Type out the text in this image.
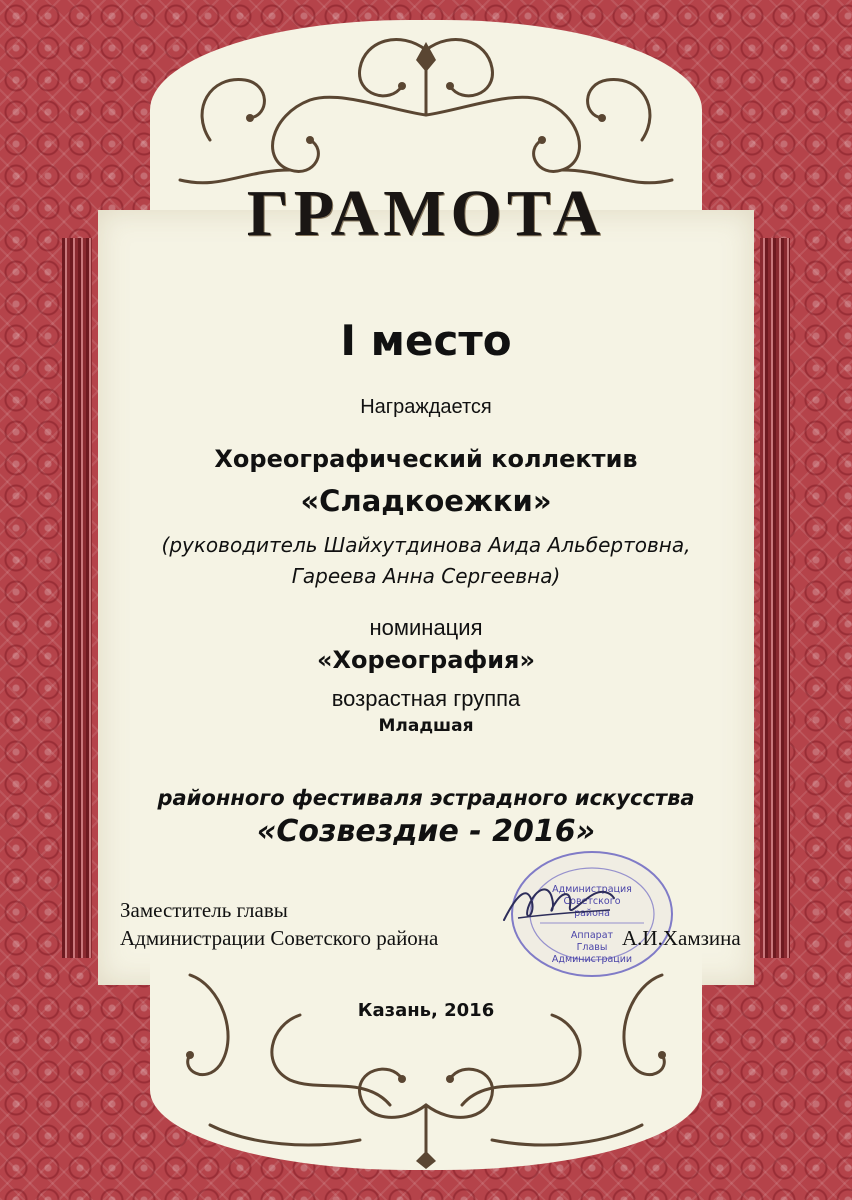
ГРАМОТА

I место

Награждается

Хореографический коллектив

«Сладкоежки»

(руководитель Шайхутдинова Аида Альбертовна,

Гареева Анна Сергеевна)

номинация

«Хореография»

возрастная группа

Младшая

районного фестиваля эстрадного искусства

«Созвездие - 2016»

Заместитель главы

Администрации Советского района

Администрация

Советского

района

Аппарат

Главы

Администрации

А.И.Хамзина

Казань, 2016
